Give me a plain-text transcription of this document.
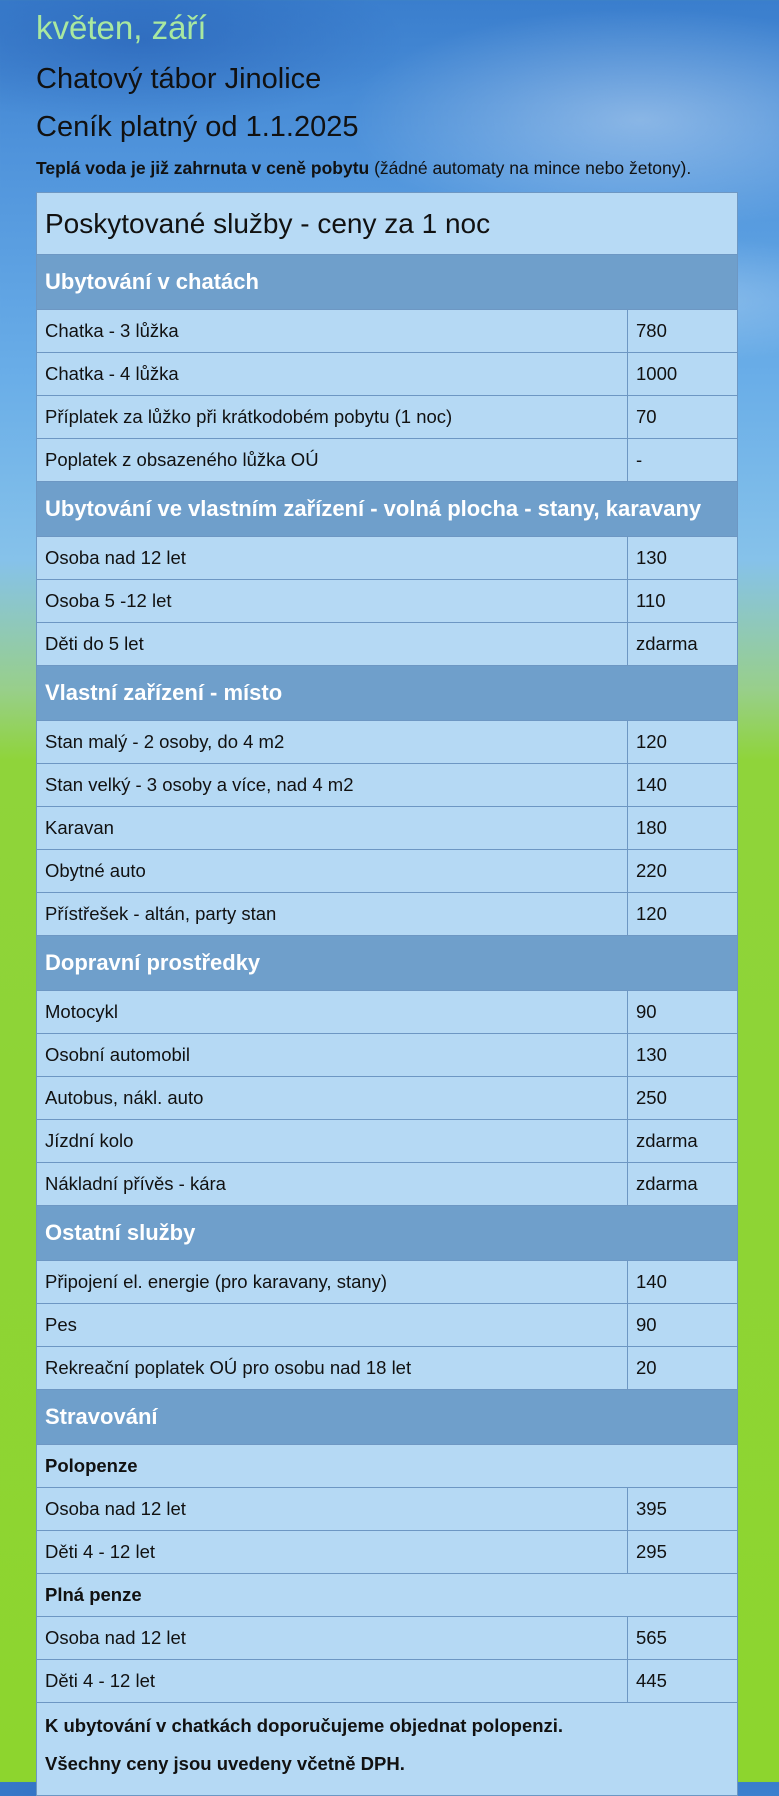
květen, září
Chatový tábor Jinolice
Ceník platný od 1.1.2025
Teplá voda je již zahrnuta v ceně pobytu (žádné automaty na mince nebo žetony).
Poskytované služby - ceny za 1 noc	
Ubytování v chatách	
Chatka - 3 lůžka	780
Chatka - 4 lůžka	1000
Příplatek za lůžko při krátkodobém pobytu (1 noc)	70
Poplatek z obsazeného lůžka OÚ	-
Ubytování ve vlastním zařízení - volná plocha - stany, karavany	
Osoba nad 12 let	130
Osoba 5 -12 let	110
Děti do 5 let	zdarma
Vlastní zařízení - místo	
Stan malý - 2 osoby, do 4 m2	120
Stan velký - 3 osoby a více, nad 4 m2	140
Karavan	180
Obytné auto	220
Přístřešek - altán, party stan	120
Dopravní prostředky	
Motocykl	90
Osobní automobil	130
Autobus, nákl. auto	250
Jízdní kolo	zdarma
Nákladní přívěs - kára	zdarma
Ostatní služby	
Připojení el. energie (pro karavany, stany)	140
Pes	90
Rekreační poplatek OÚ pro osobu nad 18 let	20
Stravování	
Polopenze	
Osoba nad 12 let	395
Děti 4 - 12 let	295
Plná penze	
Osoba nad 12 let	565
Děti 4 - 12 let	445

K ubytování v chatkách doporučujeme objednat polopenzi.
Všechny ceny jsou uvedeny včetně DPH.	
